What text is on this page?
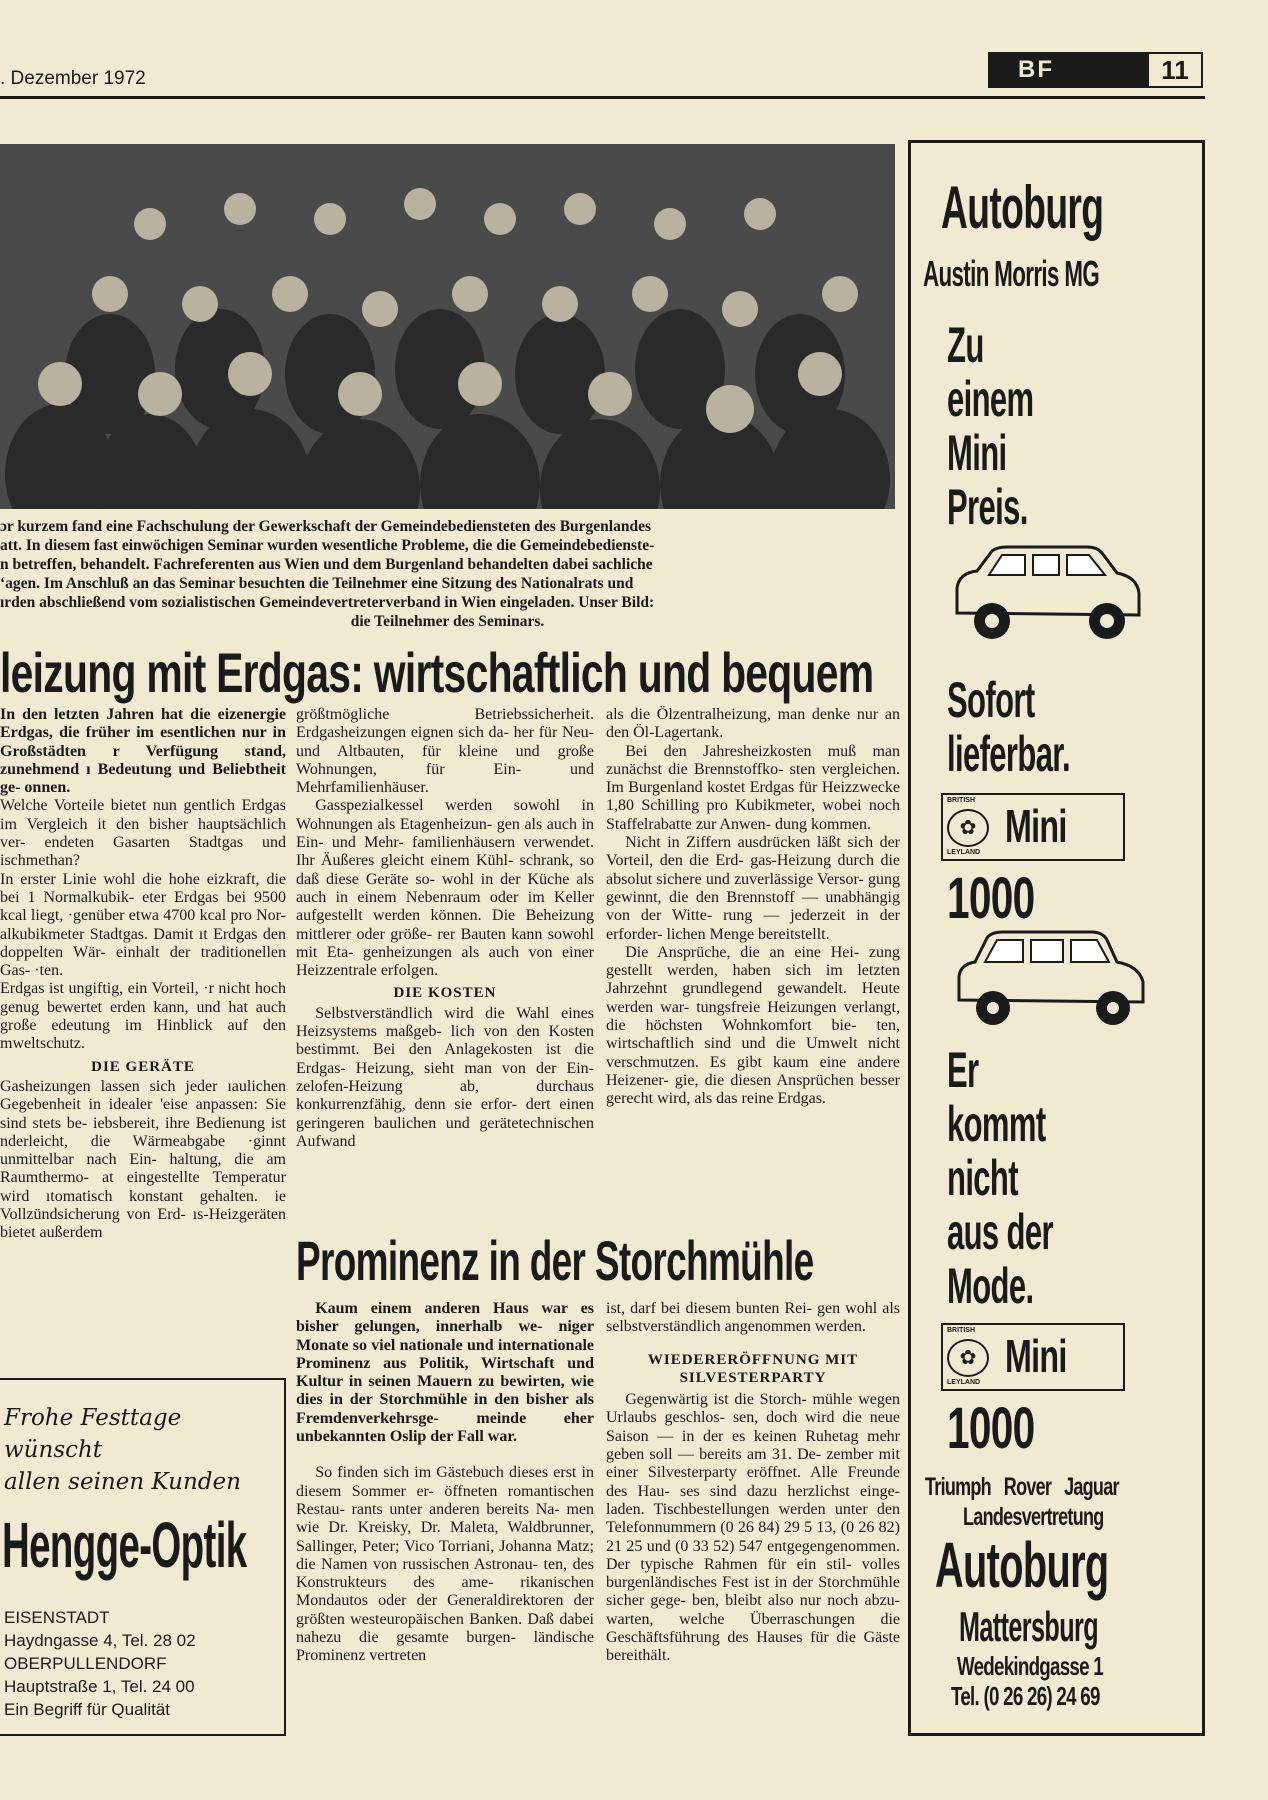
. Dezember 1972	BF	11

ɔr kurzem fand eine Fachschulung der Gewerkschaft der Gemeindebediensteten des Burgenlandes

att. In diesem fast einwöchigen Seminar wurden wesentliche Probleme, die die Gemeindebedienste-

n betreffen, behandelt. Fachreferenten aus Wien und dem Burgenland behandelten dabei sachliche

ʻagen. Im Anschluß an das Seminar besuchten die Teilnehmer eine Sitzung des Nationalrats und

ırden abschließend vom sozialistischen Gemeindevertreterverband in Wien eingeladen. Unser Bild:

die Teilnehmer des Seminars.

leizung mit Erdgas: wirtschaftlich und bequem

In den letzten Jahren hat die eizenergie Erdgas, die früher im esentlichen nur in Großstädten r Verfügung stand, zunehmend ı Bedeutung und Beliebtheit ge- onnen.

Welche Vorteile bietet nun gentlich Erdgas im Vergleich it den bisher hauptsächlich ver- endeten Gasarten Stadtgas und ischmethan?

In erster Linie wohl die hohe eizkraft, die bei 1 Normalkubik- eter Erdgas bei 9500 kcal liegt, ·genüber etwa 4700 kcal pro Nor- alkubikmeter Stadtgas. Damit ıt Erdgas den doppelten Wär- einhalt der traditionellen Gas- ·ten.

Erdgas ist ungiftig, ein Vorteil, ·r nicht hoch genug bewertet erden kann, und hat auch große edeutung im Hinblick auf den mweltschutz.

DIE GERÄTE

Gasheizungen lassen sich jeder ıaulichen Gegebenheit in idealer 'eise anpassen: Sie sind stets be- iebsbereit, ihre Bedienung ist nderleicht, die Wärmeabgabe ·ginnt unmittelbar nach Ein- haltung, die am Raumthermo- at eingestellte Temperatur wird ıtomatisch konstant gehalten. ie Vollzündsicherung von Erd- ıs-Heizgeräten bietet außerdem

größtmögliche Betriebssicherheit. Erdgasheizungen eignen sich da- her für Neu- und Altbauten, für kleine und große Wohnungen, für Ein- und Mehrfamilienhäuser.

Gasspezialkessel werden sowohl in Wohnungen als Etagenheizun- gen als auch in Ein- und Mehr- familienhäusern verwendet. Ihr Äußeres gleicht einem Kühl- schrank, so daß diese Geräte so- wohl in der Küche als auch in einem Nebenraum oder im Keller aufgestellt werden können. Die Beheizung mittlerer oder größe- rer Bauten kann sowohl mit Eta- genheizungen als auch von einer Heizzentrale erfolgen.

DIE KOSTEN

Selbstverständlich wird die Wahl eines Heizsystems maßgeb- lich von den Kosten bestimmt. Bei den Anlagekosten ist die Erdgas- Heizung, sieht man von der Ein- zelofen-Heizung ab, durchaus konkurrenzfähig, denn sie erfor- dert einen geringeren baulichen und gerätetechnischen Aufwand

als die Ölzentralheizung, man denke nur an den Öl-Lagertank.

Bei den Jahresheizkosten muß man zunächst die Brennstoffko- sten vergleichen. Im Burgenland kostet Erdgas für Heizzwecke 1,80 Schilling pro Kubikmeter, wobei noch Staffelrabatte zur Anwen- dung kommen.

Nicht in Ziffern ausdrücken läßt sich der Vorteil, den die Erd- gas-Heizung durch die absolut sichere und zuverlässige Versor- gung gewinnt, die den Brennstoff — unabhängig von der Witte- rung — jederzeit in der erforder- lichen Menge bereitstellt.

Die Ansprüche, die an eine Hei- zung gestellt werden, haben sich im letzten Jahrzehnt grundlegend gewandelt. Heute werden war- tungsfreie Heizungen verlangt, die höchsten Wohnkomfort bie- ten, wirtschaftlich sind und die Umwelt nicht verschmutzen. Es gibt kaum eine andere Heizener- gie, die diesen Ansprüchen besser gerecht wird, als das reine Erdgas.

Prominenz in der Storchmühle

Kaum einem anderen Haus war es bisher gelungen, innerhalb we- niger Monate so viel nationale und internationale Prominenz aus Politik, Wirtschaft und Kultur in seinen Mauern zu bewirten, wie dies in der Storchmühle in den bisher als Fremdenverkehrsge- meinde eher unbekannten Oslip der Fall war.

So finden sich im Gästebuch dieses erst in diesem Sommer er- öffneten romantischen Restau- rants unter anderen bereits Na- men wie Dr. Kreisky, Dr. Maleta, Waldbrunner, Sallinger, Peter; Vico Torriani, Johanna Matz; die Namen von russischen Astronau- ten, des Konstrukteurs des ame- rikanischen Mondautos oder der Generaldirektoren der größten westeuropäischen Banken. Daß dabei nahezu die gesamte burgen- ländische Prominenz vertreten

ist, darf bei diesem bunten Rei- gen wohl als selbstverständlich angenommen werden.

WIEDERERÖFFNUNG MIT SILVESTERPARTY

Gegenwärtig ist die Storch- mühle wegen Urlaubs geschlos- sen, doch wird die neue Saison — in der es keinen Ruhetag mehr geben soll — bereits am 31. De- zember mit einer Silvesterparty eröffnet. Alle Freunde des Hau- ses sind dazu herzlichst einge- laden. Tischbestellungen werden unter den Telefonnummern (0 26 84) 29 5 13, (0 26 82) 21 25 und (0 33 52) 547 entgegengenommen. Der typische Rahmen für ein stil- volles burgenländisches Fest ist in der Storchmühle sicher gege- ben, bleibt also nur noch abzu- warten, welche Überraschungen die Geschäftsführung des Hauses für die Gäste bereithält.

Frohe Festtage
wünscht
allen seinen Kunden
Hengge-Optik
EISENSTADT
Haydngasse 4, Tel. 28 02
OBERPULLENDORF
Hauptstraße 1, Tel. 24 00
Ein Begriff für Qualität
Autoburg
Austin Morris MG
Zu
einem
Mini
Preis.
Sofort
lieferbar.
BRITISH
✿
LEYLAND
Mini
1000
Er
kommt
nicht
aus der
Mode.
BRITISH
✿
LEYLAND
Mini
1000
Triumph   Rover   Jaguar
Landesvertretung
Autoburg
Mattersburg
Wedekindgasse 1
Tel. (0 26 26) 24 69
